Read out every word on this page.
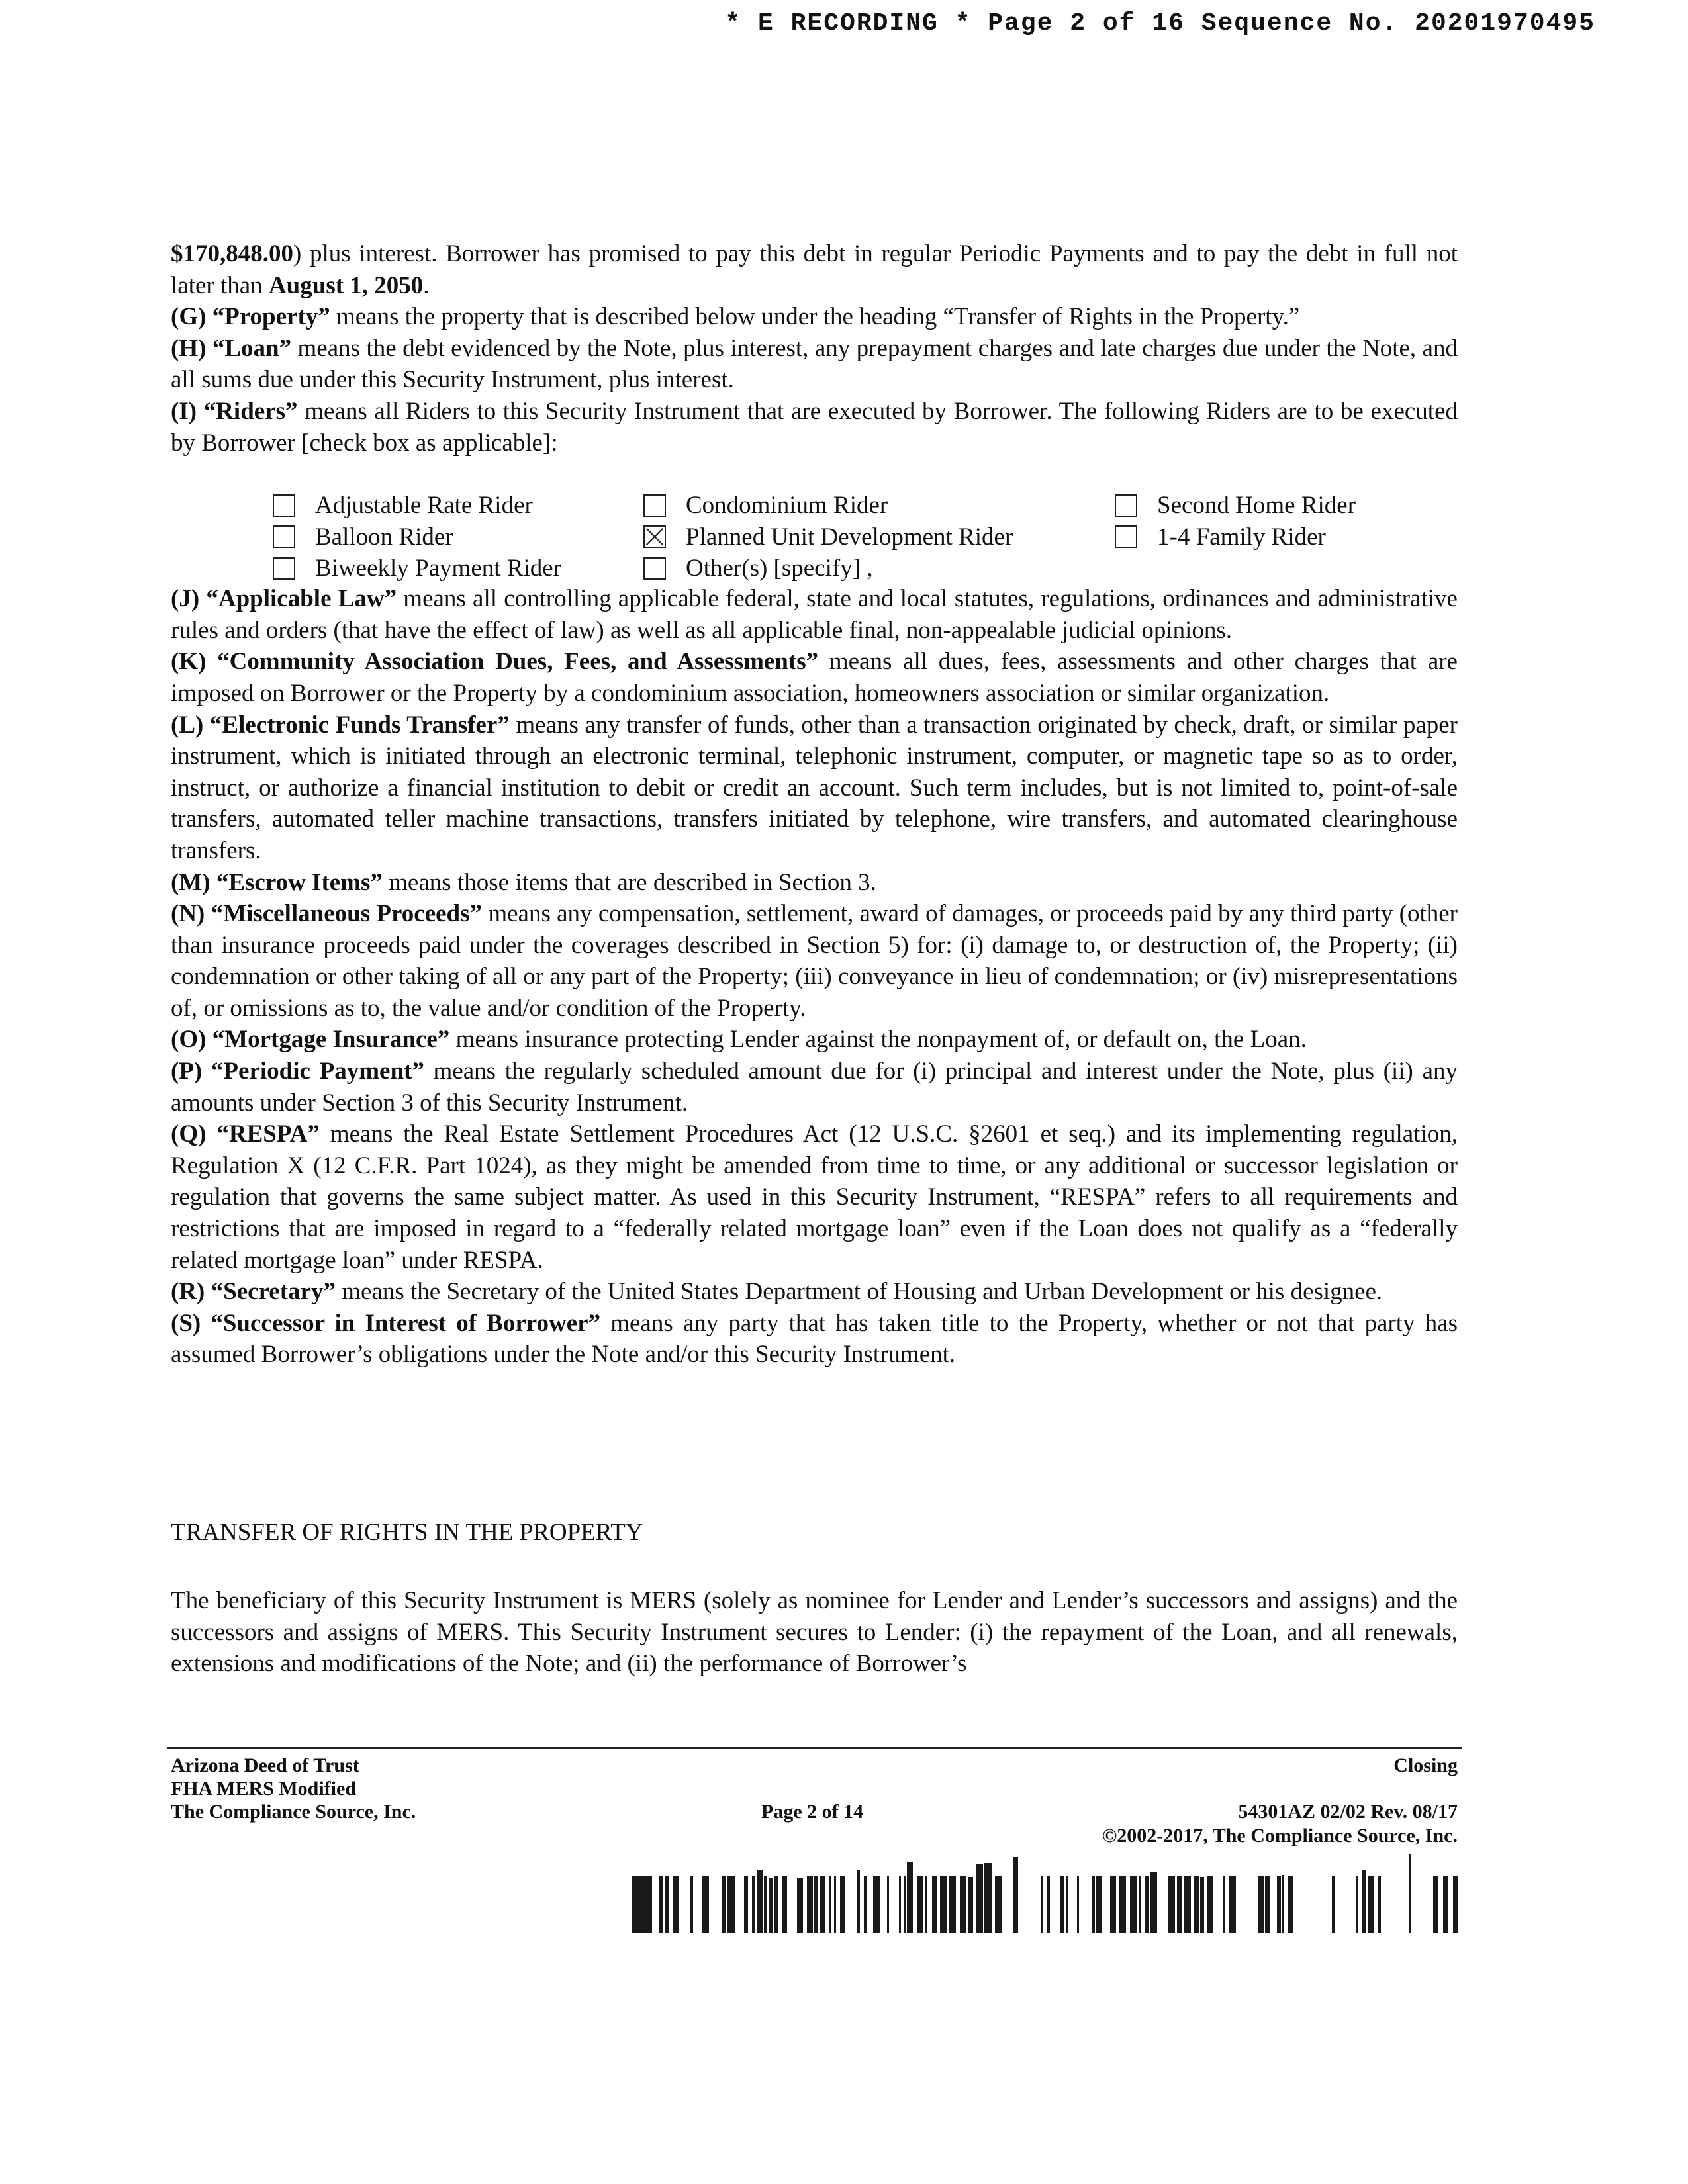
* E RECORDING * Page 2 of 16 Sequence No. 20201970495

$170,848.00) plus interest. Borrower has promised to pay this debt in regular Periodic Payments and to pay the debt in full not later than August 1, 2050.

(G) “Property” means the property that is described below under the heading “Transfer of Rights in the Property.”

(H) “Loan” means the debt evidenced by the Note, plus interest, any prepayment charges and late charges due under the Note, and all sums due under this Security Instrument, plus interest.

(I) “Riders” means all Riders to this Security Instrument that are executed by Borrower. The following Riders are to be executed by Borrower [check box as applicable]:

(J) “Applicable Law” means all controlling applicable federal, state and local statutes, regulations, ordinances and administrative rules and orders (that have the effect of law) as well as all applicable final, non-appealable judicial opinions.

(K) “Community Association Dues, Fees, and Assessments” means all dues, fees, assessments and other charges that are imposed on Borrower or the Property by a condominium association, homeowners association or similar organization.

(L) “Electronic Funds Transfer” means any transfer of funds, other than a transaction originated by check, draft, or similar paper instrument, which is initiated through an electronic terminal, telephonic instrument, computer, or magnetic tape so as to order, instruct, or authorize a financial institution to debit or credit an account. Such term includes, but is not limited to, point-of-sale transfers, automated teller machine transactions, transfers initiated by telephone, wire transfers, and automated clearinghouse transfers.

(M) “Escrow Items” means those items that are described in Section 3.

(N) “Miscellaneous Proceeds” means any compensation, settlement, award of damages, or proceeds paid by any third party (other than insurance proceeds paid under the coverages described in Section 5) for: (i) damage to, or destruction of, the Property; (ii) condemnation or other taking of all or any part of the Property; (iii) conveyance in lieu of condemnation; or (iv) misrepresentations of, or omissions as to, the value and/or condition of the Property.

(O) “Mortgage Insurance” means insurance protecting Lender against the nonpayment of, or default on, the Loan.

(P) “Periodic Payment” means the regularly scheduled amount due for (i) principal and interest under the Note, plus (ii) any amounts under Section 3 of this Security Instrument.

(Q) “RESPA” means the Real Estate Settlement Procedures Act (12 U.S.C. §2601 et seq.) and its implementing regulation, Regulation X (12 C.F.R. Part 1024), as they might be amended from time to time, or any additional or successor legislation or regulation that governs the same subject matter. As used in this Security Instrument, “RESPA” refers to all requirements and restrictions that are imposed in regard to a “federally related mortgage loan” even if the Loan does not qualify as a “federally related mortgage loan” under RESPA.

(R) “Secretary” means the Secretary of the United States Department of Housing and Urban Development or his designee.

(S) “Successor in Interest of Borrower” means any party that has taken title to the Property, whether or not that party has assumed Borrower’s obligations under the Note and/or this Security Instrument.

Adjustable Rate Rider
Balloon Rider
Biweekly Payment Rider
Condominium Rider
Planned Unit Development Rider
Other(s) [specify] ,
Second Home Rider
1-4 Family Rider
TRANSFER OF RIGHTS IN THE PROPERTY

The beneficiary of this Security Instrument is MERS (solely as nominee for Lender and Lender’s successors and assigns) and the successors and assigns of MERS. This Security Instrument secures to Lender: (i) the repayment of the Loan, and all renewals, extensions and modifications of the Note; and (ii) the performance of Borrower’s

Arizona Deed of Trust
FHA MERS Modified
The Compliance Source, Inc.
Closing
Page 2 of 14	54301AZ 02/02 Rev. 08/17
©2002-2017, The Compliance Source, Inc.
